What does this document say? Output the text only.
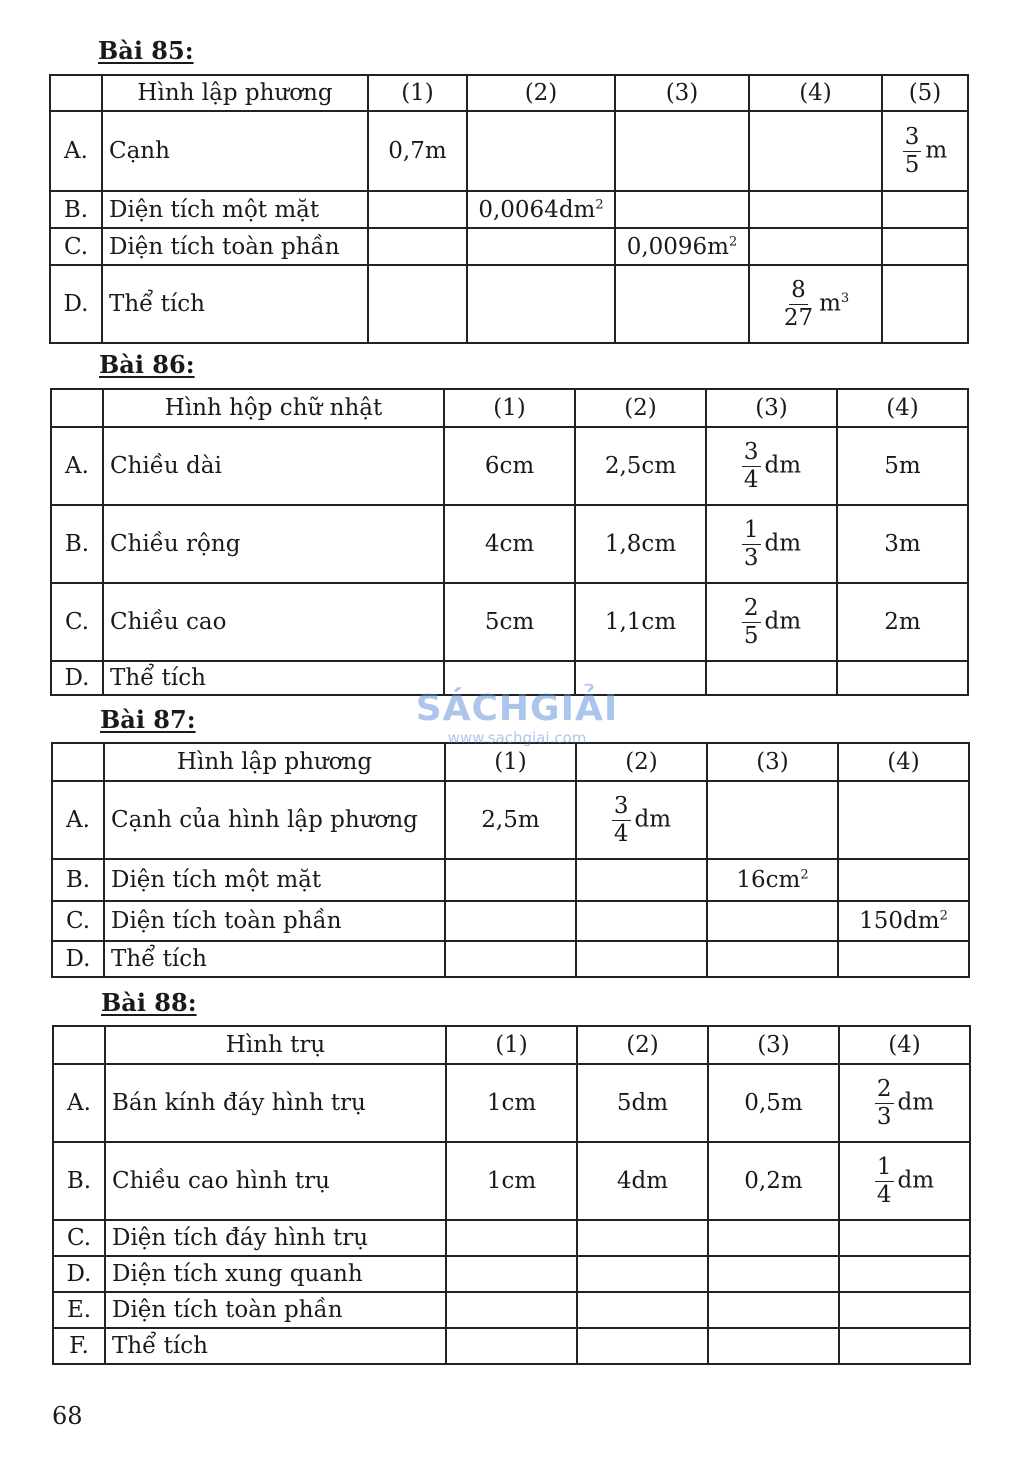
Bài 85:
	Hình lập phương	(1)	(2)	(3)	(4)	(5)
A.	Cạnh	0,7m				$\frac{3}{5}$ m
B.	Diện tích một mặt		$0,0064dm^2$			
C.	Diện tích toàn phần			$0,0096m^2$		
D.	Thể tích				$\frac{8}{27} m^3$	
Bài 86:
	Hình hộp chữ nhật	(1)	(2)	(3)	(4)
A.	Chiều dài	6cm	2,5cm	$\frac{3}{4}$ dm	5m
B.	Chiều rộng	4cm	1,8cm	$\frac{1}{3}$ dm	3m
C.	Chiều cao	5cm	1,1cm	$\frac{2}{5}$ dm	2m
D.	Thể tích				
Bài 87:
	Hình lập phương	(1)	(2)	(3)	(4)
A.	Cạnh của hình lập phương	2,5m	$\frac{3}{4}$ dm		
B.	Diện tích một mặt			$16cm^2$	
C.	Diện tích toàn phần				$150dm^2$
D.	Thể tích				
Bài 88:
	Hình trụ	(1)	(2)	(3)	(4)
A.	Bán kính đáy hình trụ	1cm	5dm	0,5m	$\frac{2}{3}$ dm
B.	Chiều cao hình trụ	1cm	4dm	0,2m	$\frac{1}{4}$ dm
C.	Diện tích đáy hình trụ				
D.	Diện tích xung quanh				
E.	Diện tích toàn phần				
F.	Thể tích				
SÁCHGIẢI
www.sachgiai.com
68
